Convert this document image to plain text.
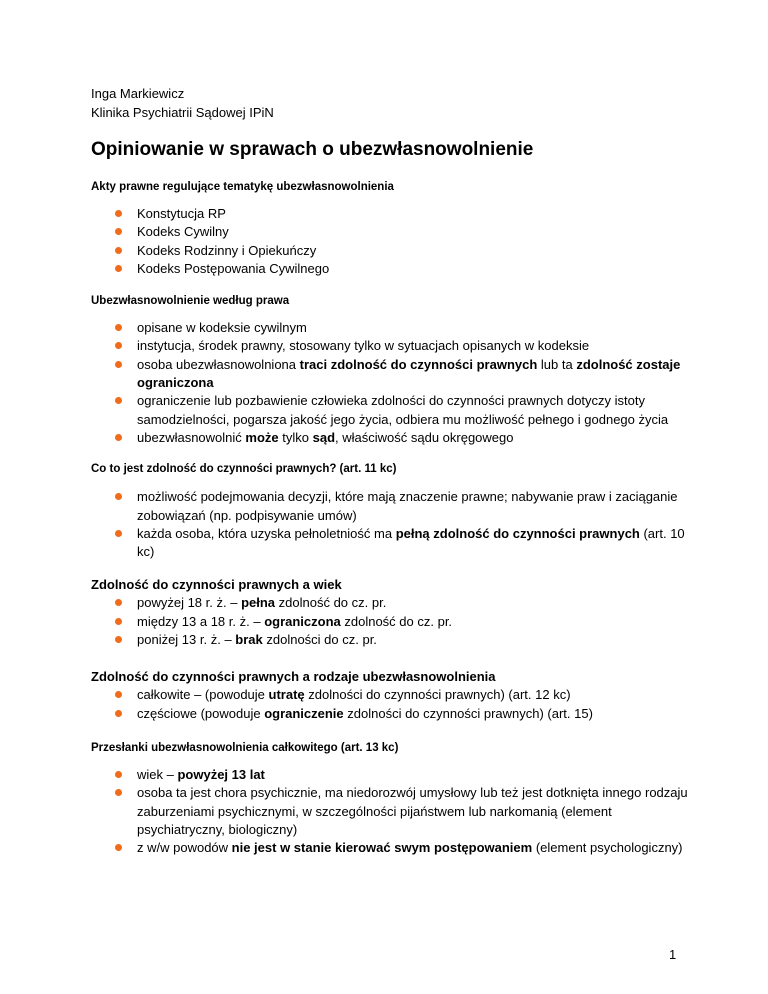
Inga Markiewicz
Klinika Psychiatrii Sądowej IPiN
Opiniowanie w sprawach o ubezwłasnowolnienie
Akty prawne regulujące tematykę ubezwłasnowolnienia
Konstytucja RP
Kodeks Cywilny
Kodeks Rodzinny i Opiekuńczy
Kodeks Postępowania Cywilnego
Ubezwłasnowolnienie według prawa
opisane w kodeksie cywilnym
instytucja, środek prawny, stosowany tylko w sytuacjach opisanych w kodeksie
osoba ubezwłasnowolniona traci zdolność do czynności prawnych lub ta zdolność zostaje ograniczona
ograniczenie lub pozbawienie człowieka zdolności do czynności prawnych dotyczy istoty samodzielności, pogarsza jakość jego życia, odbiera mu możliwość pełnego i godnego życia
ubezwłasnowolnić może tylko sąd, właściwość sądu okręgowego
Co to jest zdolność do czynności prawnych? (art. 11 kc)
możliwość podejmowania decyzji, które mają znaczenie prawne; nabywanie praw i zaciąganie zobowiązań (np. podpisywanie umów)
każda osoba, która uzyska pełnoletniość ma pełną zdolność do czynności prawnych (art. 10 kc)
Zdolność do czynności prawnych a wiek
powyżej 18 r. ż. – pełna zdolność do cz. pr.
między 13 a 18 r. ż. – ograniczona zdolność do cz. pr.
poniżej 13 r. ż. – brak zdolności do cz. pr.
Zdolność do czynności prawnych a rodzaje ubezwłasnowolnienia
całkowite – (powoduje utratę zdolności do czynności prawnych) (art. 12 kc)
częściowe (powoduje ograniczenie zdolności do czynności prawnych) (art. 15)
Przesłanki ubezwłasnowolnienia całkowitego (art. 13 kc)
wiek – powyżej 13 lat
osoba ta jest chora psychicznie, ma niedorozwój umysłowy lub też jest dotknięta innego rodzaju zaburzeniami psychicznymi, w szczególności pijaństwem lub narkomanią (element psychiatryczny, biologiczny)
z w/w powodów nie jest w stanie kierować swym postępowaniem (element psychologiczny)
1
